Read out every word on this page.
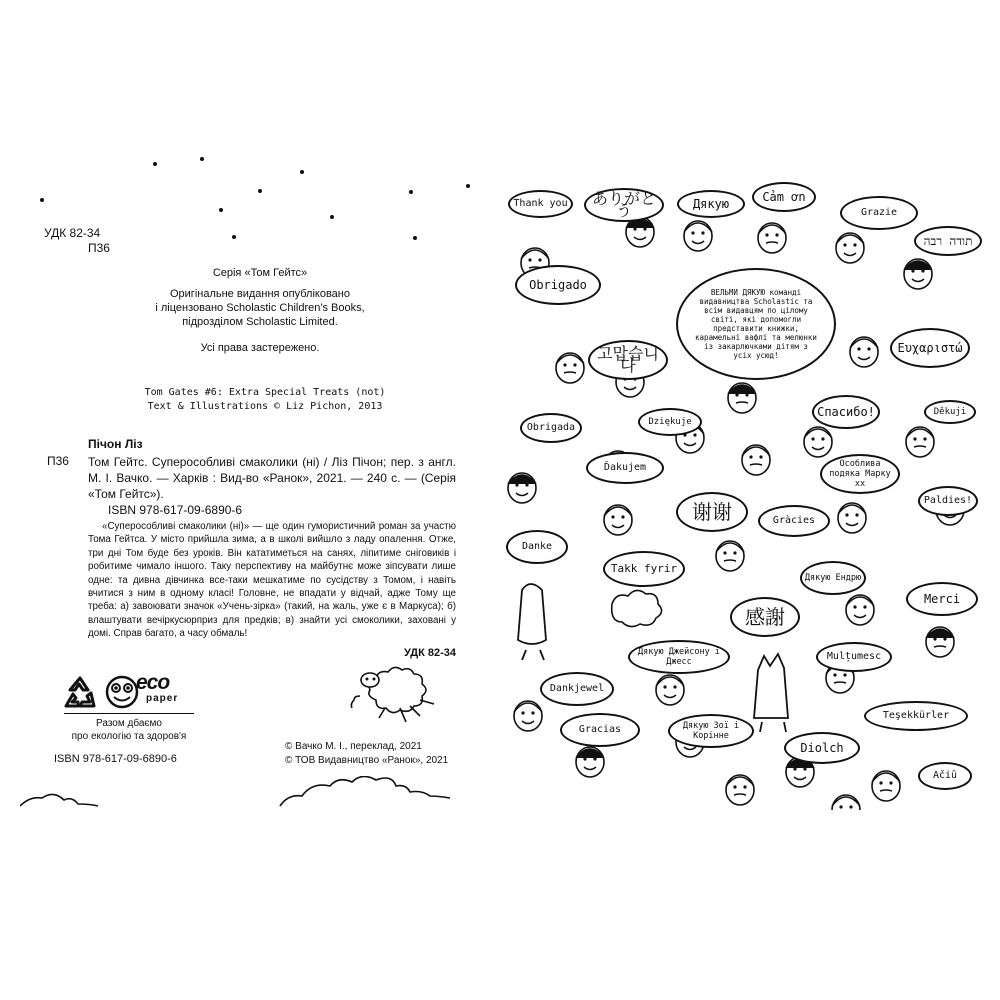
УДК 82-34
П36
Серія «Том Гейтс»
Оригінальне видання опубліковано
і ліцензовано Scholastic Children's Books,
підрозділом Scholastic Limited.
Усі права застережено.
Tom Gates #6: Extra Special Treats (not)
Text & Illustrations © Liz Pichon, 2013
Пічон Ліз
П36 Том Гейтс. Суперособливі смаколики (ні) / Ліз Пічон; пер. з англ. М. І. Вачко. — Харків : Вид-во «Ранок», 2021. — 240 с. — (Серія «Том Гейтс»).
ISBN 978-617-09-6890-6
«Суперособливі смаколики (ні)» — ще один гумористичний роман за участю Тома Гейтса. У місто прийшла зима, а в школі вийшло з ладу опалення. Отже, три дні Том буде без уроків. Він кататиметься на санях, ліпитиме сніговиків і робитиме чимало іншого. Таку перспективу на майбутнє може зіпсувати лише одне: та дивна дівчинка все-таки мешкатиме по сусідству з Томом, і навіть вчитися з ним в одному класі! Головне, не впадати у відчай, адже Тому ще треба: а) завоювати значок «Учень-зірка» (такий, на жаль, уже є в Маркуса); б) влаштувати вечіркусюрприз для предків; в) знайти усі смоколики, заховані у домі. Справ багато, а часу обмаль!
УДК 82-34
eco
paper
Разом дбаємо
про екологію та здоров'я
ISBN 978-617-09-6890-6
© Вачко М. І., переклад, 2021
© ТОВ Видавництво «Ранок», 2021
Thank you	ありがとう	Дякую	Cảm ơn
Grazie
תודה רבה
Obrigado
ВЕЛЬМИ ДЯКУЮ команді видавництва Scholastic та всім видавцям по цілому світі, які допомогли представити книжки, карамельні вафлі та мелюнки із закарлючками дітям з усіх усюд!
고맙습니다
Ευχαριστώ
Спасибо!
Obrigada	Dziękuje
Děkuji
Ďakujem	Особлива подяка Марку хх
谢谢	Paldies!
Gràcies
Danke
Takk fyrir
Дякую Ендрю
Merci
感謝
Дякую Джейсону і Джесс	Mulțumesc
Dankjewel
Teşekkürler
Gracias	Дякую Зої і Корінне
Diolch
Ačiū
